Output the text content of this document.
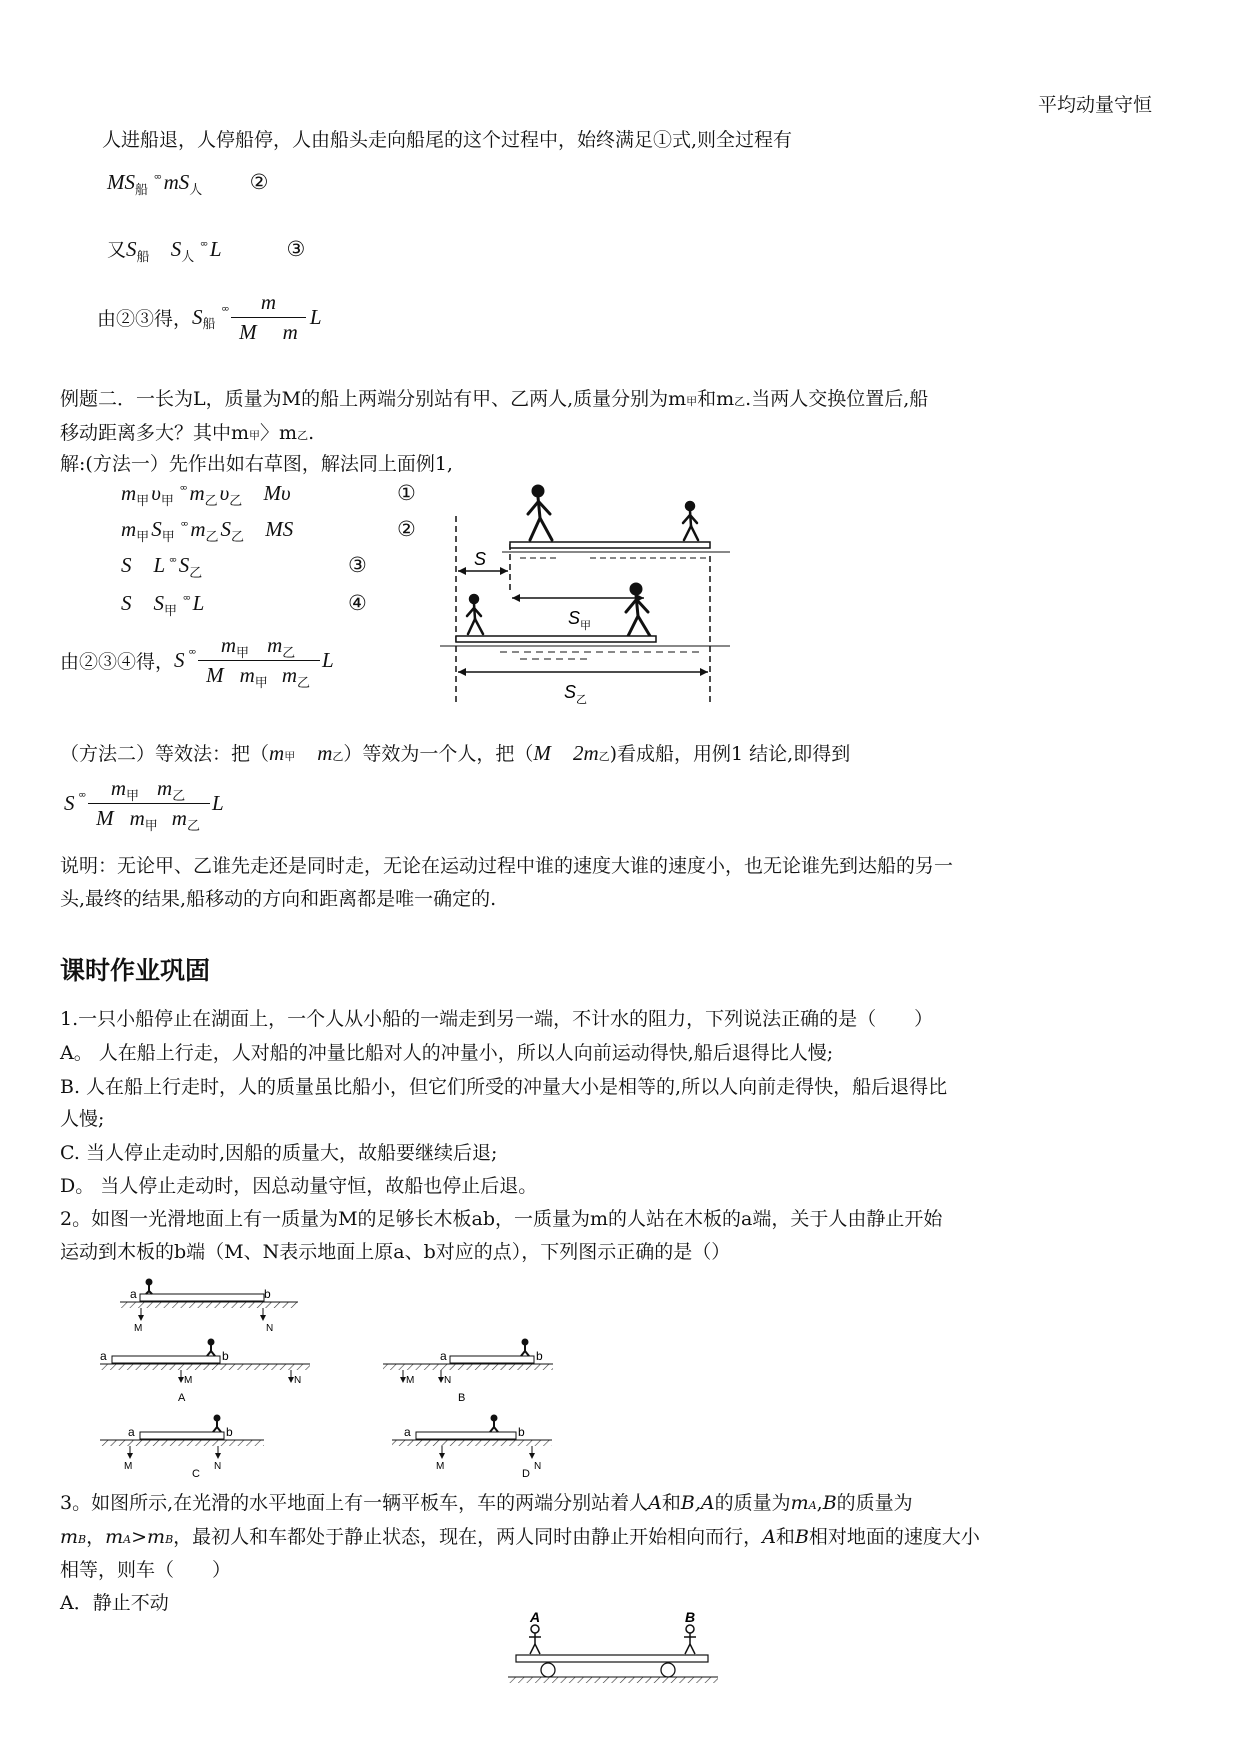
平均动量守恒
人进船退，人停船停，人由船头走向船尾的这个过程中，始终满足①式,则全过程有
$MS_船^{^\circ^\circ}$ $mS_人$ ②
又$S_船$ $S_人^{^\circ^\circ}$ L	③
由②③得，$S_船^{^\circ^\circ} \frac{m}{\text{M m}}$ L
例题二．一长为L，质量为M的船上两端分别站有甲、乙两人,质量分别为m甲和m乙.当两人交换位置后,船
移动距离多大？其中m甲〉m乙.
解:(方法一）先作出如右草图，解法同上面例1,
$m_甲\upsilon_甲^{^\circ^\circ}$ $m_乙\upsilon_乙$ Mυ	①
$m_甲S_甲^{^\circ^\circ}$ $m_乙S_乙$ MS	②
S L °° $S_乙$	③
S $S_甲^{^\circ^\circ}$ L	④
由②③④得，S $^{^\circ^\circ} \frac{m_甲 m_乙}{M m_甲 m_乙}$ L
S
S 甲
S 乙
（方法二）等效法：把（m甲 m乙）等效为一个人，把（M 2m乙)看成船，用例1 结论,即得到
S $^{^\circ^\circ} \frac{m_甲 m_乙}{M m_甲 m_乙}$ L
说明：无论甲、乙谁先走还是同时走，无论在运动过程中谁的速度大谁的速度小，也无论谁先到达船的另一
头,最终的结果,船移动的方向和距离都是唯一确定的.
课时作业巩固
1.一只小船停止在湖面上，一个人从小船的一端走到另一端，不计水的阻力，下列说法正确的是（　　）
A。 人在船上行走，人对船的冲量比船对人的冲量小，所以人向前运动得快,船后退得比人慢;
B. 人在船上行走时，人的质量虽比船小，但它们所受的冲量大小是相等的,所以人向前走得快，船后退得比
人慢;
C. 当人停止走动时,因船的质量大，故船要继续后退;
D。 当人停止走动时，因总动量守恒，故船也停止后退。
2。如图一光滑地面上有一质量为M的足够长木板ab，一质量为m的人站在木板的a端，关于人由静止开始
运动到木板的b端（M、N表示地面上原a、b对应的点），下列图示正确的是（）
a	b
M	N
a	b
M	N
A
a	b
M	N
B
a	b
M	N
C
a	b
M	N
D
3。如图所示,在光滑的水平地面上有一辆平板车，车的两端分别站着人A和B,A的质量为mA,B的质量为
mB，mA>mB，最初人和车都处于静止状态，现在，两人同时由静止开始相向而行，A和B相对地面的速度大小
相等，则车（　　）
A．静止不动
A	B
